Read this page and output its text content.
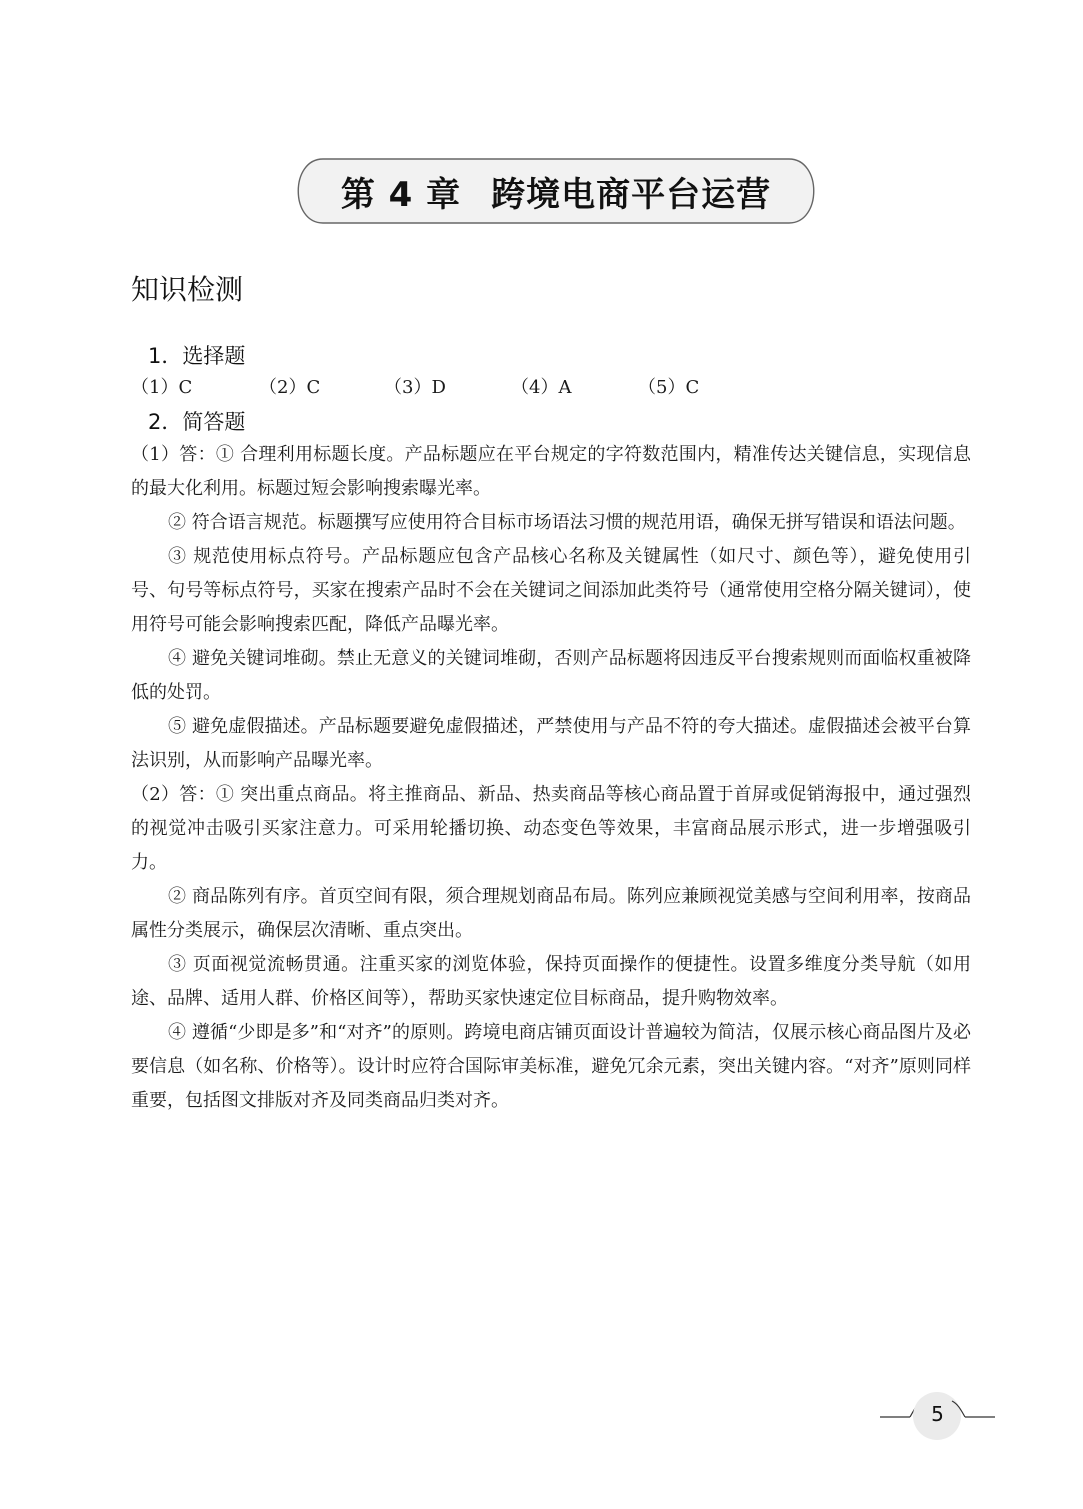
第 4 章 跨境电商平台运营
知识检测
1．选择题
（1）C	（2）C	（3）D	（4）A	（5）C
2．简答题

（1）答：① 合理利用标题长度。产品标题应在平台规定的字符数范围内，精准传达关键信息，实现信息的最大化利用。标题过短会影响搜索曝光率。

② 符合语言规范。标题撰写应使用符合目标市场语法习惯的规范用语，确保无拼写错误和语法问题。

③ 规范使用标点符号。产品标题应包含产品核心名称及关键属性（如尺寸、颜色等），避免使用引号、句号等标点符号，买家在搜索产品时不会在关键词之间添加此类符号（通常使用空格分隔关键词），使用符号可能会影响搜索匹配，降低产品曝光率。

④ 避免关键词堆砌。禁止无意义的关键词堆砌，否则产品标题将因违反平台搜索规则而面临权重被降低的处罚。

⑤ 避免虚假描述。产品标题要避免虚假描述，严禁使用与产品不符的夸大描述。虚假描述会被平台算法识别，从而影响产品曝光率。

（2）答：① 突出重点商品。将主推商品、新品、热卖商品等核心商品置于首屏或促销海报中，通过强烈的视觉冲击吸引买家注意力。可采用轮播切换、动态变色等效果，丰富商品展示形式，进一步增强吸引力。

② 商品陈列有序。首页空间有限，须合理规划商品布局。陈列应兼顾视觉美感与空间利用率，按商品属性分类展示，确保层次清晰、重点突出。

③ 页面视觉流畅贯通。注重买家的浏览体验，保持页面操作的便捷性。设置多维度分类导航（如用途、品牌、适用人群、价格区间等），帮助买家快速定位目标商品，提升购物效率。

④ 遵循“少即是多”和“对齐”的原则。跨境电商店铺页面设计普遍较为简洁，仅展示核心商品图片及必要信息（如名称、价格等）。设计时应符合国际审美标准，避免冗余元素，突出关键内容。“对齐”原则同样重要，包括图文排版对齐及同类商品归类对齐。

5
